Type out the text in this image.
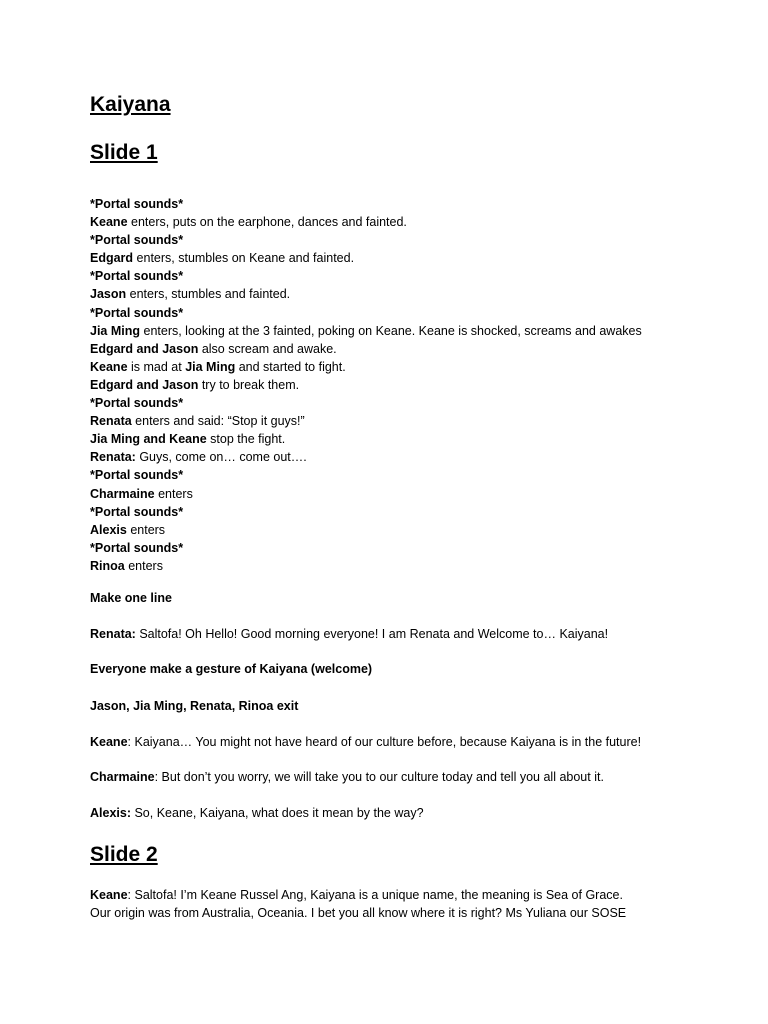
Kaiyana
Slide 1
*Portal sounds*
Keane enters, puts on the earphone, dances and fainted.
*Portal sounds*
Edgard enters, stumbles on Keane and fainted.
*Portal sounds*
Jason enters, stumbles and fainted.
*Portal sounds*
Jia Ming enters, looking at the 3 fainted, poking on Keane. Keane is shocked, screams and awakes
Edgard and Jason also scream and awake.
Keane is mad at Jia Ming and started to fight.
Edgard and Jason try to break them.
*Portal sounds*
Renata enters and said: “Stop it guys!”
Jia Ming and Keane stop the fight.
Renata: Guys, come on… come out….
*Portal sounds*
Charmaine enters
*Portal sounds*
Alexis enters
*Portal sounds*
Rinoa enters

Make one line

Renata: Saltofa! Oh Hello! Good morning everyone! I am Renata and Welcome to… Kaiyana!

Everyone make a gesture of Kaiyana (welcome)

Jason, Jia Ming, Renata, Rinoa exit

Keane: Kaiyana… You might not have heard of our culture before, because Kaiyana is in the future!

Charmaine: But don’t you worry, we will take you to our culture today and tell you all about it.

Alexis: So, Keane, Kaiyana, what does it mean by the way?

Slide 2

Keane: Saltofa! I’m Keane Russel Ang, Kaiyana is a unique name, the meaning is Sea of Grace.
Our origin was from Australia, Oceania. I bet you all know where it is right? Ms Yuliana our SOSE
